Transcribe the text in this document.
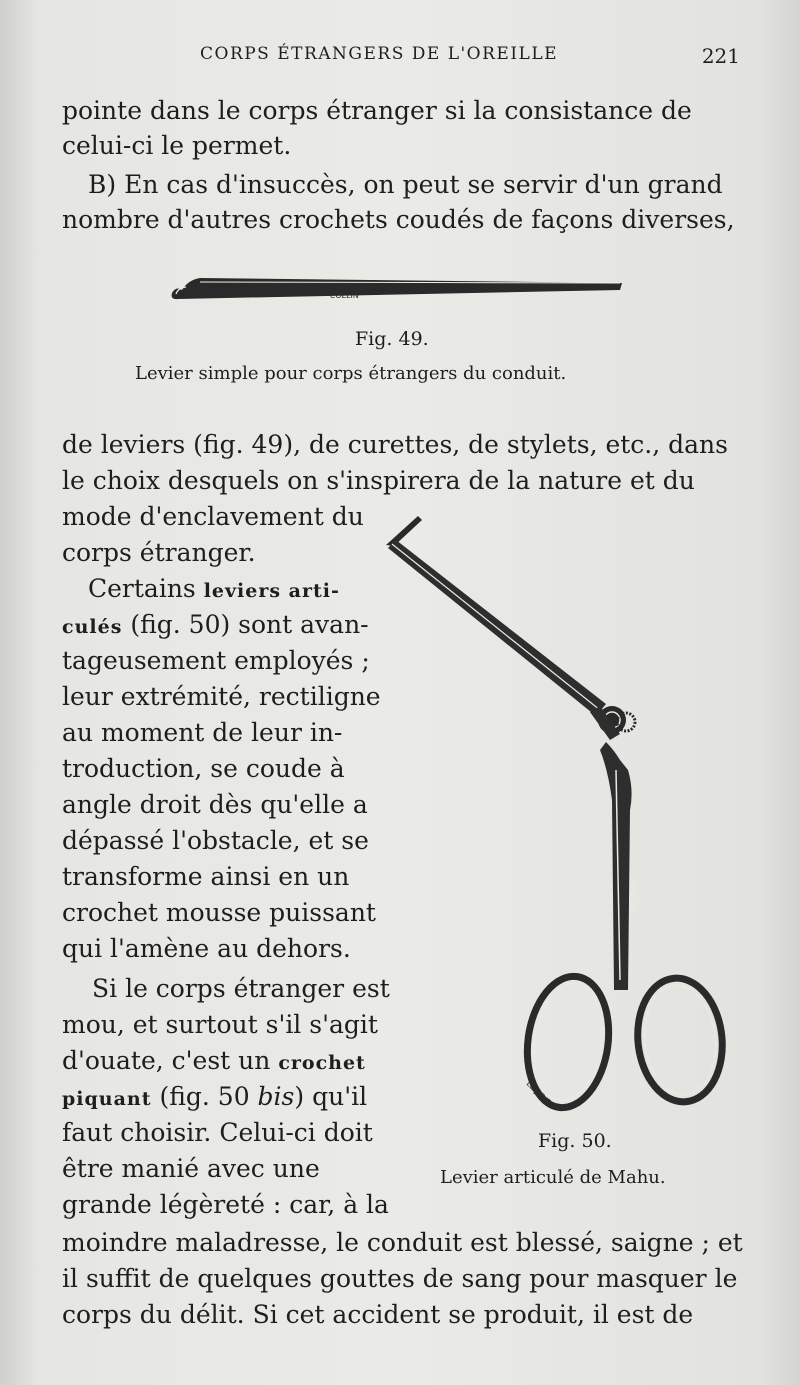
CORPS ÉTRANGERS DE L'OREILLE	221
pointe dans le corps étranger si la consistance de
celui-ci le permet.
B) En cas d'insuccès, on peut se servir d'un grand
nombre d'autres crochets coudés de façons diverses,
COLLIN
Fig. 49.
Levier simple pour corps étrangers du conduit.
de leviers (fig. 49), de curettes, de stylets, etc., dans
le choix desquels on s'inspirera de la nature et du
mode d'enclavement du
corps étranger.
Certains leviers arti-
culés (fig. 50) sont avan-
tageusement employés ;
leur extrémité, rectiligne
au moment de leur in-
troduction, se coude à
angle droit dès qu'elle a
dépassé l'obstacle, et se
transforme ainsi en un
crochet mousse puissant
qui l'amène au dehors.
Si le corps étranger est
mou, et surtout s'il s'agit
d'ouate, c'est un crochet
piquant (fig. 50 bis) qu'il
faut choisir. Celui-ci doit
être manié avec une
grande légèreté : car, à la
COLLIN
LE JUVE
Fig. 50.
Levier articulé de Mahu.
moindre maladresse, le conduit est blessé, saigne ; et
il suffit de quelques gouttes de sang pour masquer le
corps du délit. Si cet accident se produit, il est de
